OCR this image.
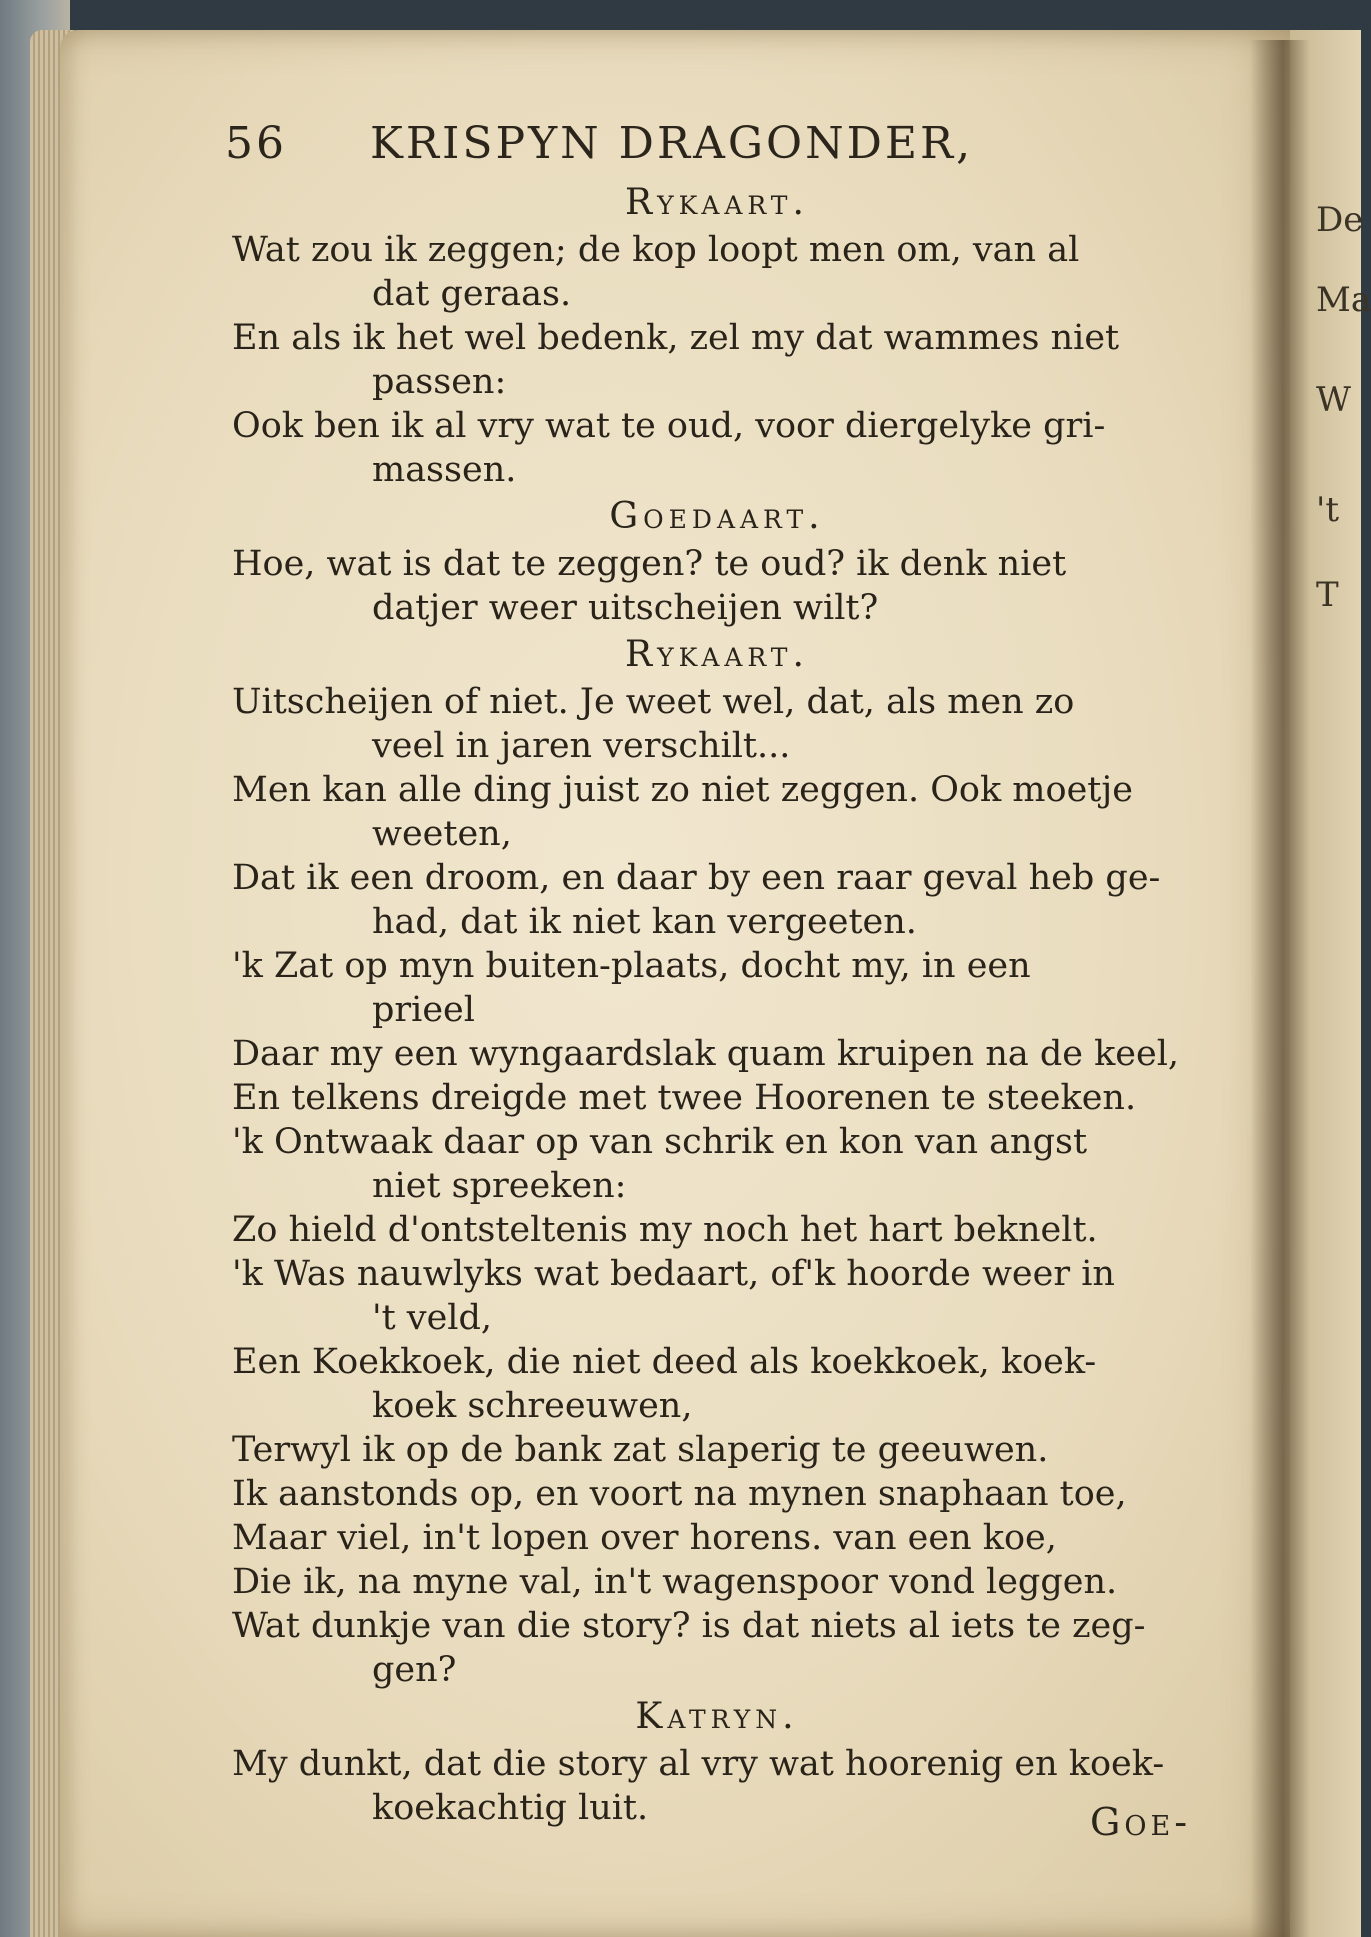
De
Ma
W
't
T
56 KRISPYN DRAGONDER,
Rykaart.
Wat zou ik zeggen; de kop loopt men om, van al
dat geraas.
En als ik het wel bedenk, zel my dat wammes niet
passen:
Ook ben ik al vry wat te oud, voor diergelyke gri-
massen.
Goedaart.
Hoe, wat is dat te zeggen? te oud? ik denk niet
datjer weer uitscheijen wilt?
Rykaart.
Uitscheijen of niet. Je weet wel, dat, als men zo
veel in jaren verschilt...
Men kan alle ding juist zo niet zeggen. Ook moetje
weeten,
Dat ik een droom, en daar by een raar geval heb ge-
had, dat ik niet kan vergeeten.
'k Zat op myn buiten-plaats, docht my, in een
prieel
Daar my een wyngaardslak quam kruipen na de keel,
En telkens dreigde met twee Hoorenen te steeken.
'k Ontwaak daar op van schrik en kon van angst
niet spreeken:
Zo hield d'ontsteltenis my noch het hart beknelt.
'k Was nauwlyks wat bedaart, of'k hoorde weer in
't veld,
Een Koekkoek, die niet deed als koekkoek, koek-
koek schreeuwen,
Terwyl ik op de bank zat slaperig te geeuwen.
Ik aanstonds op, en voort na mynen snaphaan toe,
Maar viel, in't lopen over horens. van een koe,
Die ik, na myne val, in't wagenspoor vond leggen.
Wat dunkje van die story? is dat niets al iets te zeg-
gen?
Katryn.
My dunkt, dat die story al vry wat hoorenig en koek-
koekachtig luit.	Goe-
